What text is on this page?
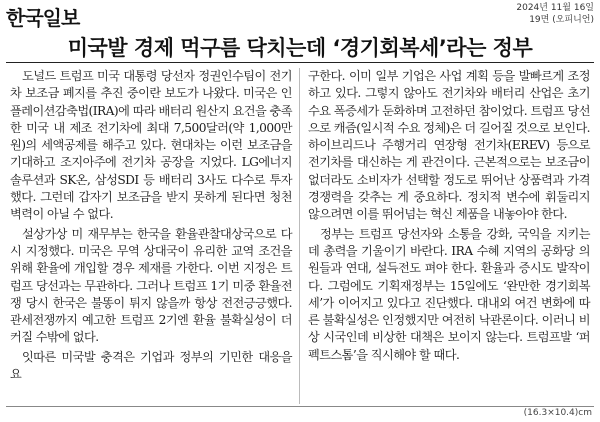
한국일보	2024년 11월 16일
19면 (오피니언)
미국발 경제 먹구름 닥치는데 ‘경기회복세’라는 정부

도널드 트럼프 미국 대통령 당선자 정권인수팀이 전기차 보조금 폐지를 추진 중이란 보도가 나왔다. 미국은 인플레이션감축법(IRA)에 따라 배터리 원산지 요건을 충족한 미국 내 제조 전기차에 최대 7,500달러(약 1,000만 원)의 세액공제를 해주고 있다. 현대차는 이런 보조금을 기대하고 조지아주에 전기차 공장을 지었다. LG에너지솔루션과 SK온, 삼성SDI 등 배터리 3사도 다수로 투자했다. 그런데 갑자기 보조금을 받지 못하게 된다면 청천벽력이 아닐 수 없다.

설상가상 미 재무부는 한국을 환율관찰대상국으로 다시 지정했다. 미국은 무역 상대국이 유리한 교역 조건을 위해 환율에 개입할 경우 제재를 가한다. 이번 지정은 트럼프 당선과는 무관하다. 그러나 트럼프 1기 미중 환율전쟁 당시 한국은 불똥이 튀지 않을까 항상 전전긍긍했다. 관세전쟁까지 예고한 트럼프 2기엔 환율 불확실성이 더 커질 수밖에 없다.

잇따른 미국발 충격은 기업과 정부의 기민한 대응을 요

구한다. 이미 일부 기업은 사업 계획 등을 발빠르게 조정하고 있다. 그렇지 않아도 전기차와 배터리 산업은 초기 수요 폭증세가 둔화하며 고전하던 참이었다. 트럼프 당선으로 캐즘(일시적 수요 정체)은 더 길어질 것으로 보인다. 하이브리드나 주행거리 연장형 전기차(EREV) 등으로 전기차를 대신하는 게 관건이다. 근본적으로는 보조금이 없더라도 소비자가 선택할 정도로 뛰어난 상품력과 가격 경쟁력을 갖추는 게 중요하다. 정치적 변수에 휘둘리지 않으려면 이를 뛰어넘는 혁신 제품을 내놓아야 한다.

정부는 트럼프 당선자와 소통을 강화, 국익을 지키는 데 총력을 기울이기 바란다. IRA 수혜 지역의 공화당 의원들과 연대, 설득전도 펴야 한다. 환율과 증시도 발작이다. 그럼에도 기획재정부는 15일에도 ‘완만한 경기회복세’가 이어지고 있다고 진단했다. 대내외 여건 변화에 따른 불확실성은 인정했지만 여전히 낙관론이다. 이러니 비상 시국인데 비상한 대책은 보이지 않는다. 트럼프발 ‘퍼펙트스톰’을 직시해야 할 때다.

(16.3×10.4)cm
